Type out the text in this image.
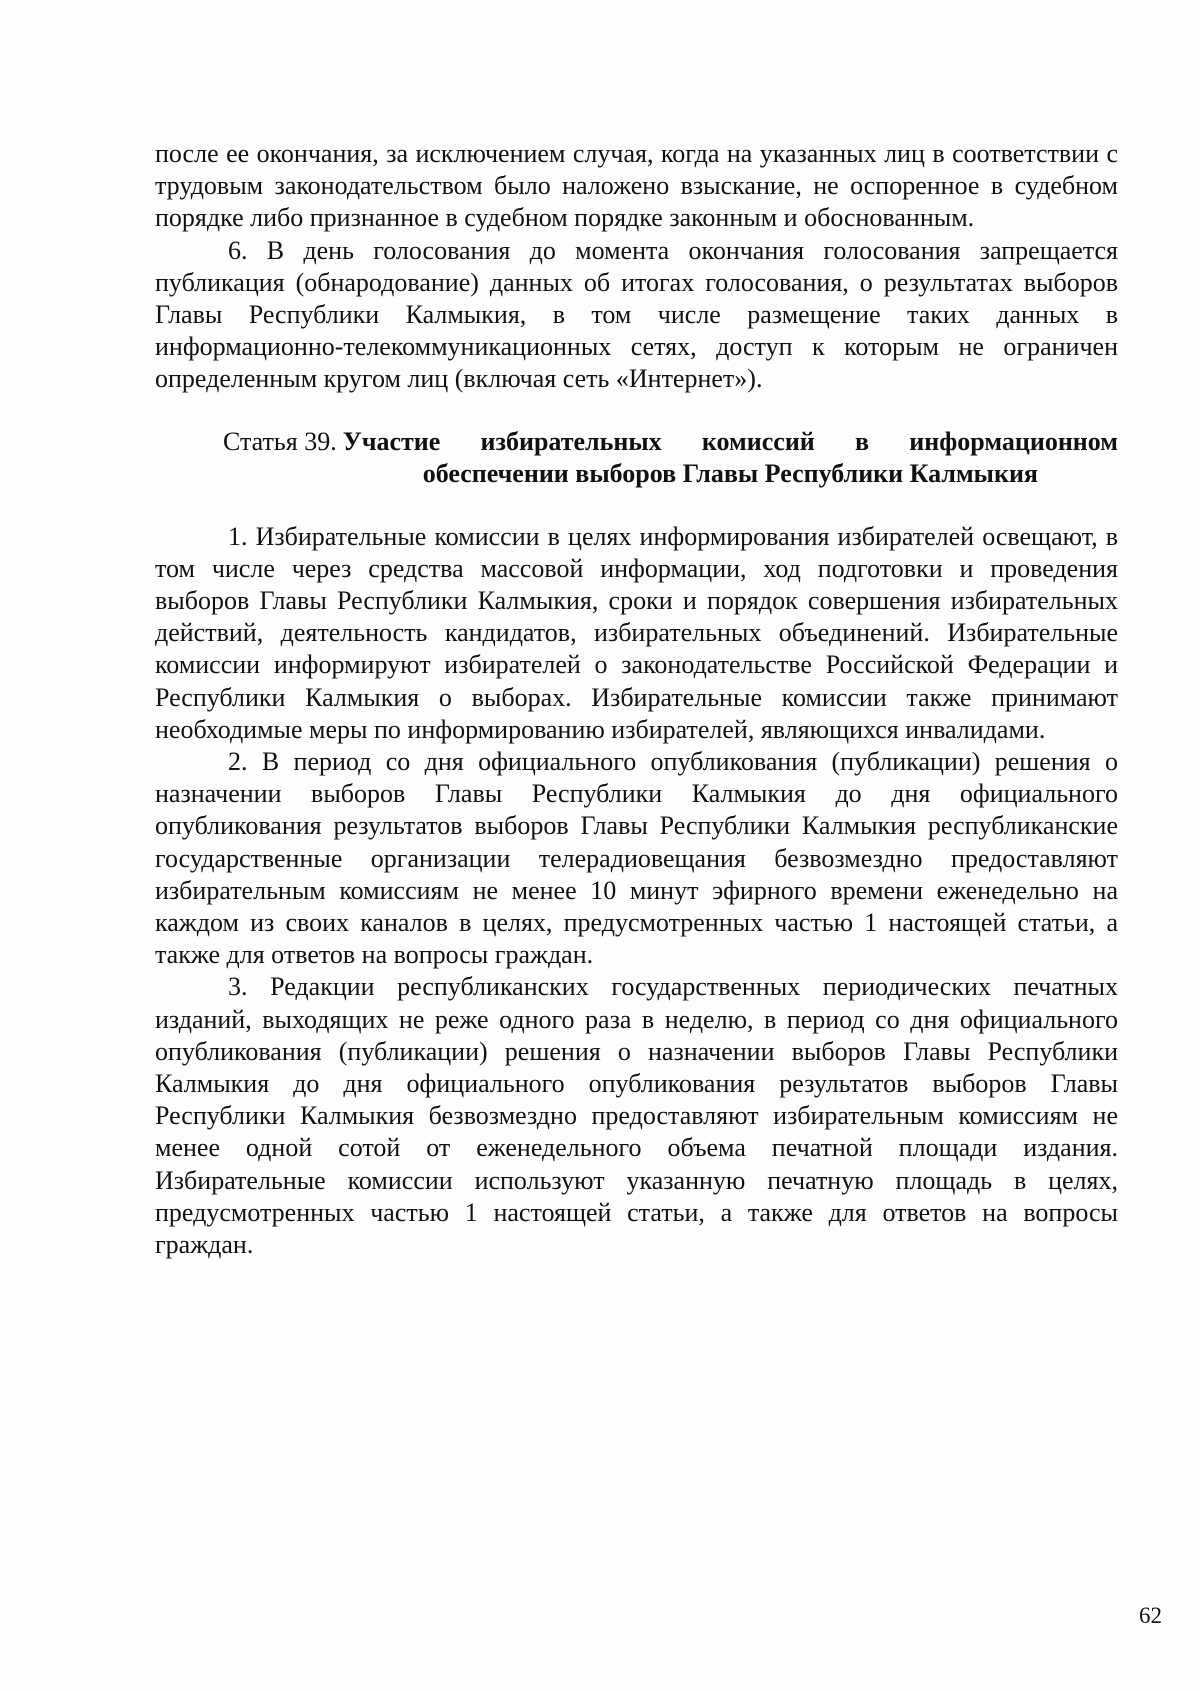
после ее окончания, за исключением случая, когда на указанных лиц в соответствии с трудовым законодательством было наложено взыскание, не оспоренное в судебном порядке либо признанное в судебном порядке законным и обоснованным.

6. В день голосования до момента окончания голосования запрещается публикация (обнародование) данных об итогах голосования, о результатах выборов Главы Республики Калмыкия, в том числе размещение таких данных в информационно-телекоммуникационных сетях, доступ к которым не ограничен определенным кругом лиц (включая сеть «Интернет»).

Статья 39. Участие избирательных комиссий в информационном обеспечении выборов Главы Республики Калмыкия

1. Избирательные комиссии в целях информирования избирателей освещают, в том числе через средства массовой информации, ход подготовки и проведения выборов Главы Республики Калмыкия, сроки и порядок совершения избирательных действий, деятельность кандидатов, избирательных объединений. Избирательные комиссии информируют избирателей о законодательстве Российской Федерации и Республики Калмыкия о выборах. Избирательные комиссии также принимают необходимые меры по информированию избирателей, являющихся инвалидами.

2. В период со дня официального опубликования (публикации) решения о назначении выборов Главы Республики Калмыкия до дня официального опубликования результатов выборов Главы Республики Калмыкия республиканские государственные организации телерадиовещания безвозмездно предоставляют избирательным комиссиям не менее 10 минут эфирного времени еженедельно на каждом из своих каналов в целях, предусмотренных частью 1 настоящей статьи, а также для ответов на вопросы граждан.

3. Редакции республиканских государственных периодических печатных изданий, выходящих не реже одного раза в неделю, в период со дня официального опубликования (публикации) решения о назначении выборов Главы Республики Калмыкия до дня официального опубликования результатов выборов Главы Республики Калмыкия безвозмездно предоставляют избирательным комиссиям не менее одной сотой от еженедельного объема печатной площади издания. Избирательные комиссии используют указанную печатную площадь в целях, предусмотренных частью 1 настоящей статьи, а также для ответов на вопросы граждан.

62
